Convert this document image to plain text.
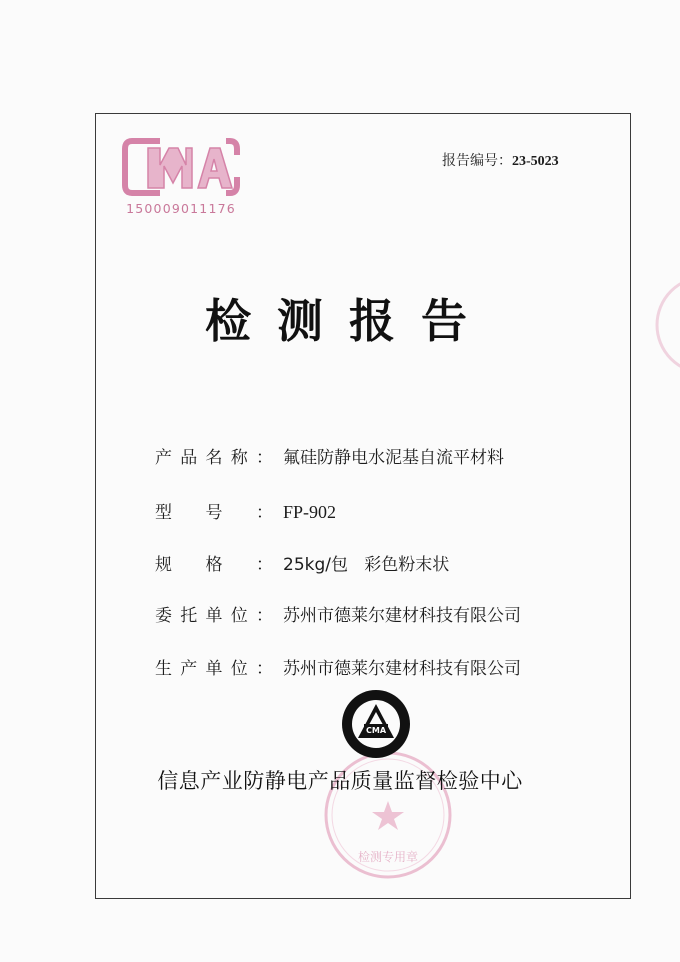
150009011176
报告编号：23-5023
检测报告
产品名称： 氟硅防静电水泥基自流平材料
型号： FP-902
规格： 25kg/包   彩色粉末状
委托单位： 苏州市德莱尔建材科技有限公司
生产单位： 苏州市德莱尔建材科技有限公司
检测专用章
CMA
信息产业防静电产品质量监督检验中心
